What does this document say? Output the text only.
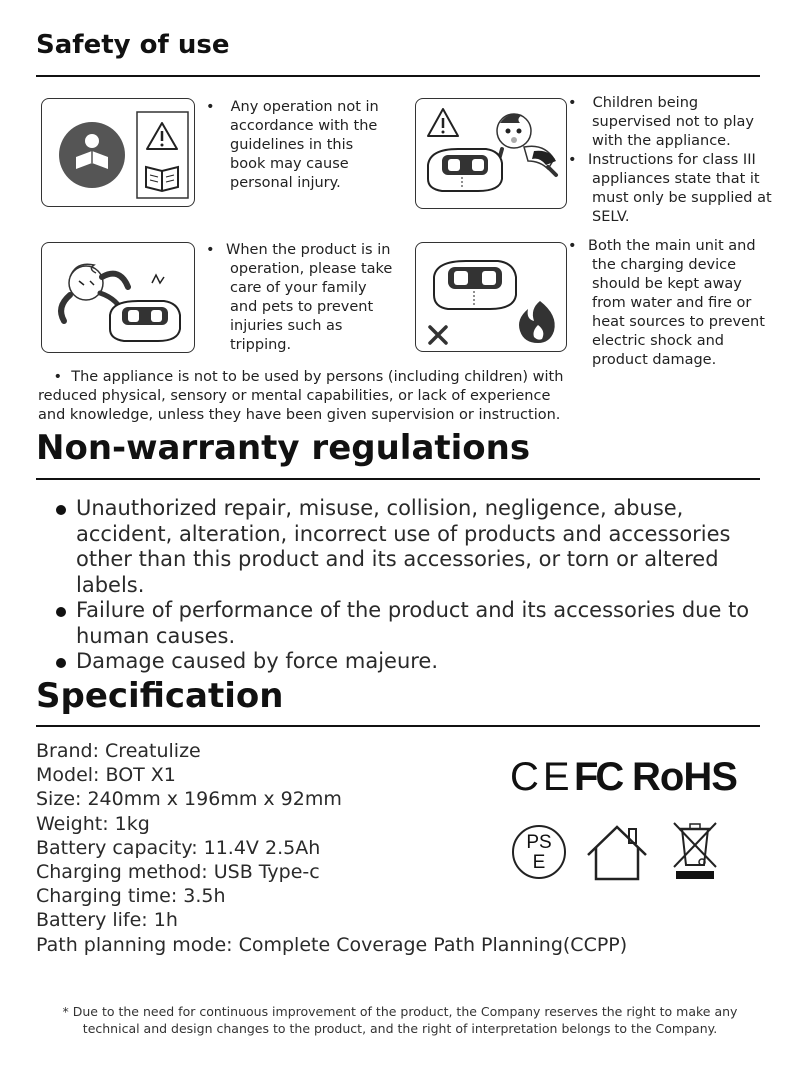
Safety of use
• Any operation not in accordance with the guidelines in this book may cause personal injury.
• Children being supervised not to play with the appliance.
• Instructions for class III appliances state that it must only be supplied at SELV.
• When the product is in operation, please take care of your family and pets to prevent injuries such as tripping.
• Both the main unit and the charging device should be kept away from water and fire or heat sources to prevent electric shock and product damage.
• The appliance is not to be used by persons (including children) with reduced physical, sensory or mental capabilities, or lack of experience and knowledge, unless they have been given supervision or instruction.
Non-warranty regulations
Unauthorized repair, misuse, collision, negligence, abuse, accident, alteration, incorrect use of products and accessories other than this product and its accessories, or torn or altered labels.
Failure of performance of the product and its accessories due to human causes.
Damage caused by force majeure.
Specification
Brand: Creatulize
Model: BOT X1
Size: 240mm x 196mm x 92mm
Weight: 1kg
Battery capacity: 11.4V 2.5Ah
Charging method: USB Type-c
Charging time: 3.5h
Battery life: 1h
Path planning mode: Complete Coverage Path Planning(CCPP)
CE FC RoHS
PS
E
* Due to the need for continuous improvement of the product, the Company reserves the right to make any
technical and design changes to the product, and the right of interpretation belongs to the Company.
